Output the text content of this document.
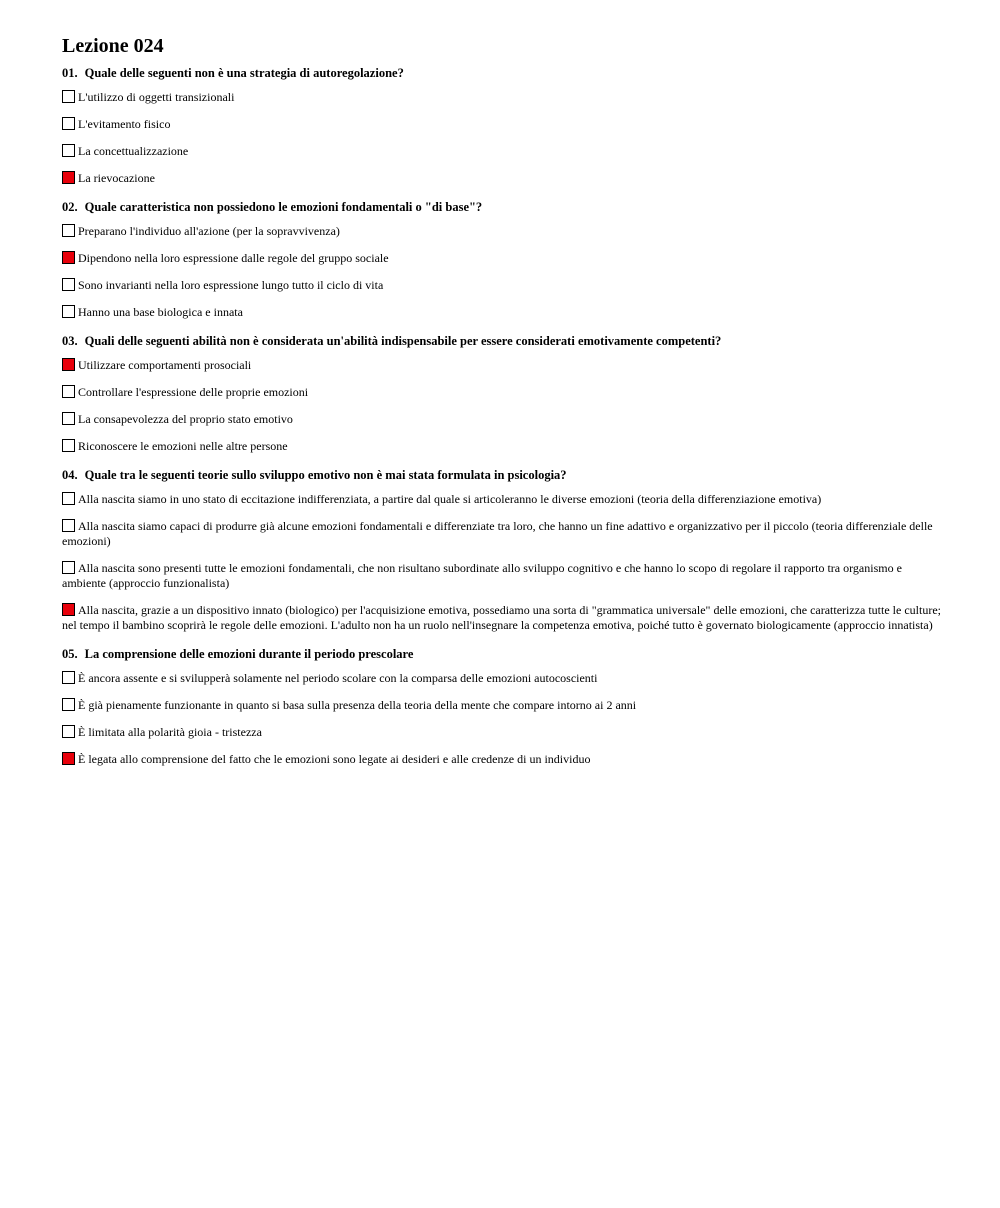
Lezione 024
01. Quale delle seguenti non è una strategia di autoregolazione?
L'utilizzo di oggetti transizionali
L'evitamento fisico
La concettualizzazione
La rievocazione
02. Quale caratteristica non possiedono le emozioni fondamentali o "di base"?
Preparano l'individuo all'azione (per la sopravvivenza)
Dipendono nella loro espressione dalle regole del gruppo sociale
Sono invarianti nella loro espressione lungo tutto il ciclo di vita
Hanno una base biologica e innata
03. Quali delle seguenti abilità non è considerata un'abilità indispensabile per essere considerati emotivamente competenti?
Utilizzare comportamenti prosociali
Controllare l'espressione delle proprie emozioni
La consapevolezza del proprio stato emotivo
Riconoscere le emozioni nelle altre persone
04. Quale tra le seguenti teorie sullo sviluppo emotivo non è mai stata formulata in psicologia?
Alla nascita siamo in uno stato di eccitazione indifferenziata, a partire dal quale si articoleranno le diverse emozioni (teoria della differenziazione emotiva)
Alla nascita siamo capaci di produrre già alcune emozioni fondamentali e differenziate tra loro, che hanno un fine adattivo e organizzativo per il piccolo (teoria differenziale delle emozioni)
Alla nascita sono presenti tutte le emozioni fondamentali, che non risultano subordinate allo sviluppo cognitivo e che hanno lo scopo di regolare il rapporto tra organismo e ambiente (approccio funzionalista)
Alla nascita, grazie a un dispositivo innato (biologico) per l'acquisizione emotiva, possediamo una sorta di "grammatica universale" delle emozioni, che caratterizza tutte le culture; nel tempo il bambino scoprirà le regole delle emozioni. L'adulto non ha un ruolo nell'insegnare la competenza emotiva, poiché tutto è governato biologicamente (approccio innatista)
05. La comprensione delle emozioni durante il periodo prescolare
È ancora assente e si svilupperà solamente nel periodo scolare con la comparsa delle emozioni autocoscienti
È già pienamente funzionante in quanto si basa sulla presenza della teoria della mente che compare intorno ai 2 anni
È limitata alla polarità gioia - tristezza
È legata allo comprensione del fatto che le emozioni sono legate ai desideri e alle credenze di un individuo
